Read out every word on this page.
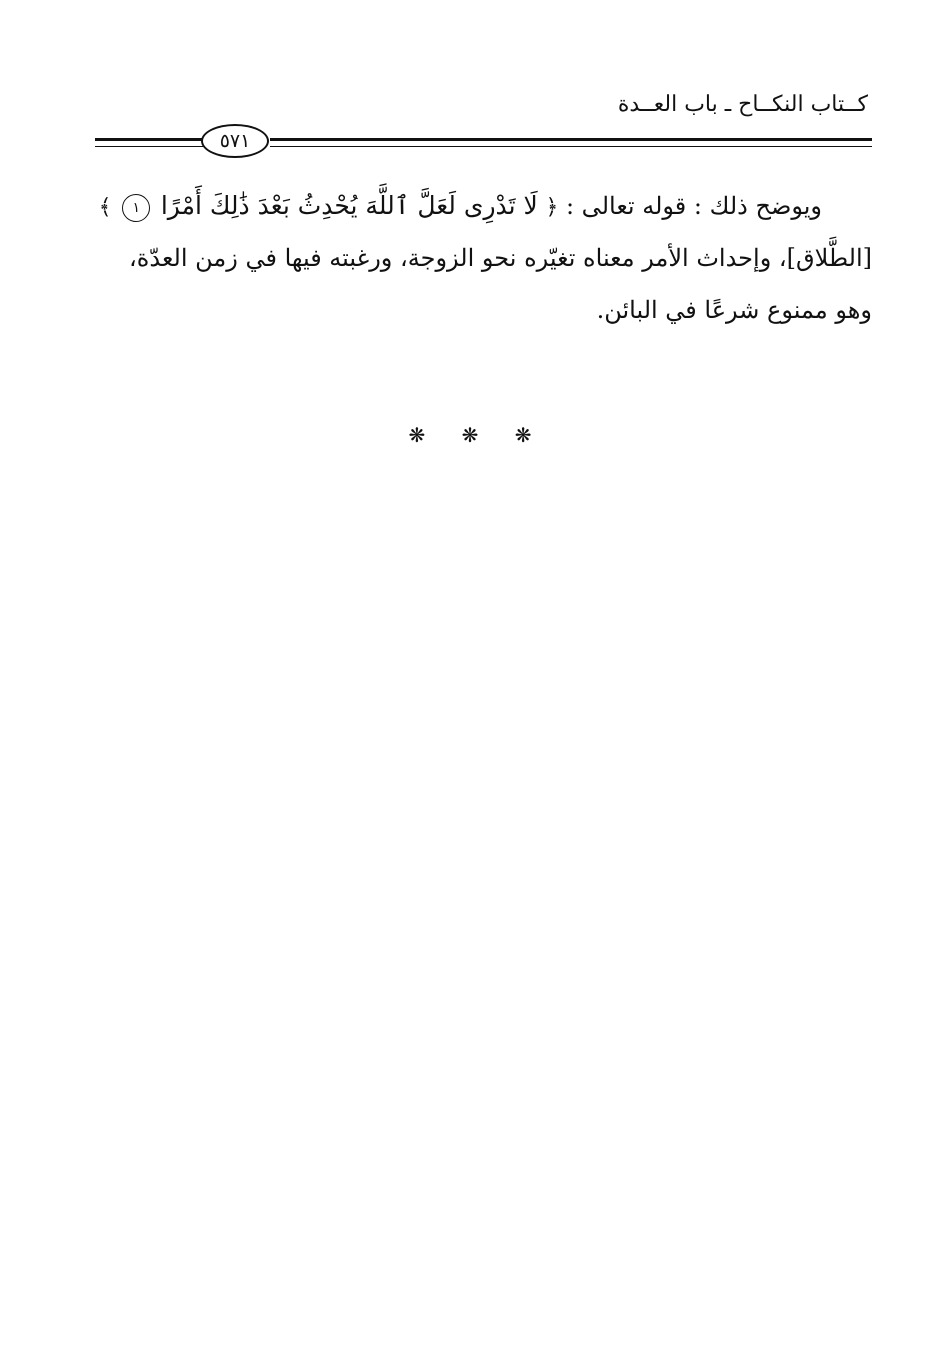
كــتاب النكــاح ـ باب العــدة
٥٧١
ويوضح ذلك : قوله تعالى : ﴿ لَا تَدْرِى لَعَلَّ ٱللَّهَ يُحْدِثُ بَعْدَ ذَٰلِكَ أَمْرًا ١ ﴾
[الطَّلاق]، وإحداث الأمر معناه تغيّره نحو الزوجة، ورغبته فيها في زمن العدّة،
وهو ممنوع شرعًا في البائن.
❋ ❋ ❋
